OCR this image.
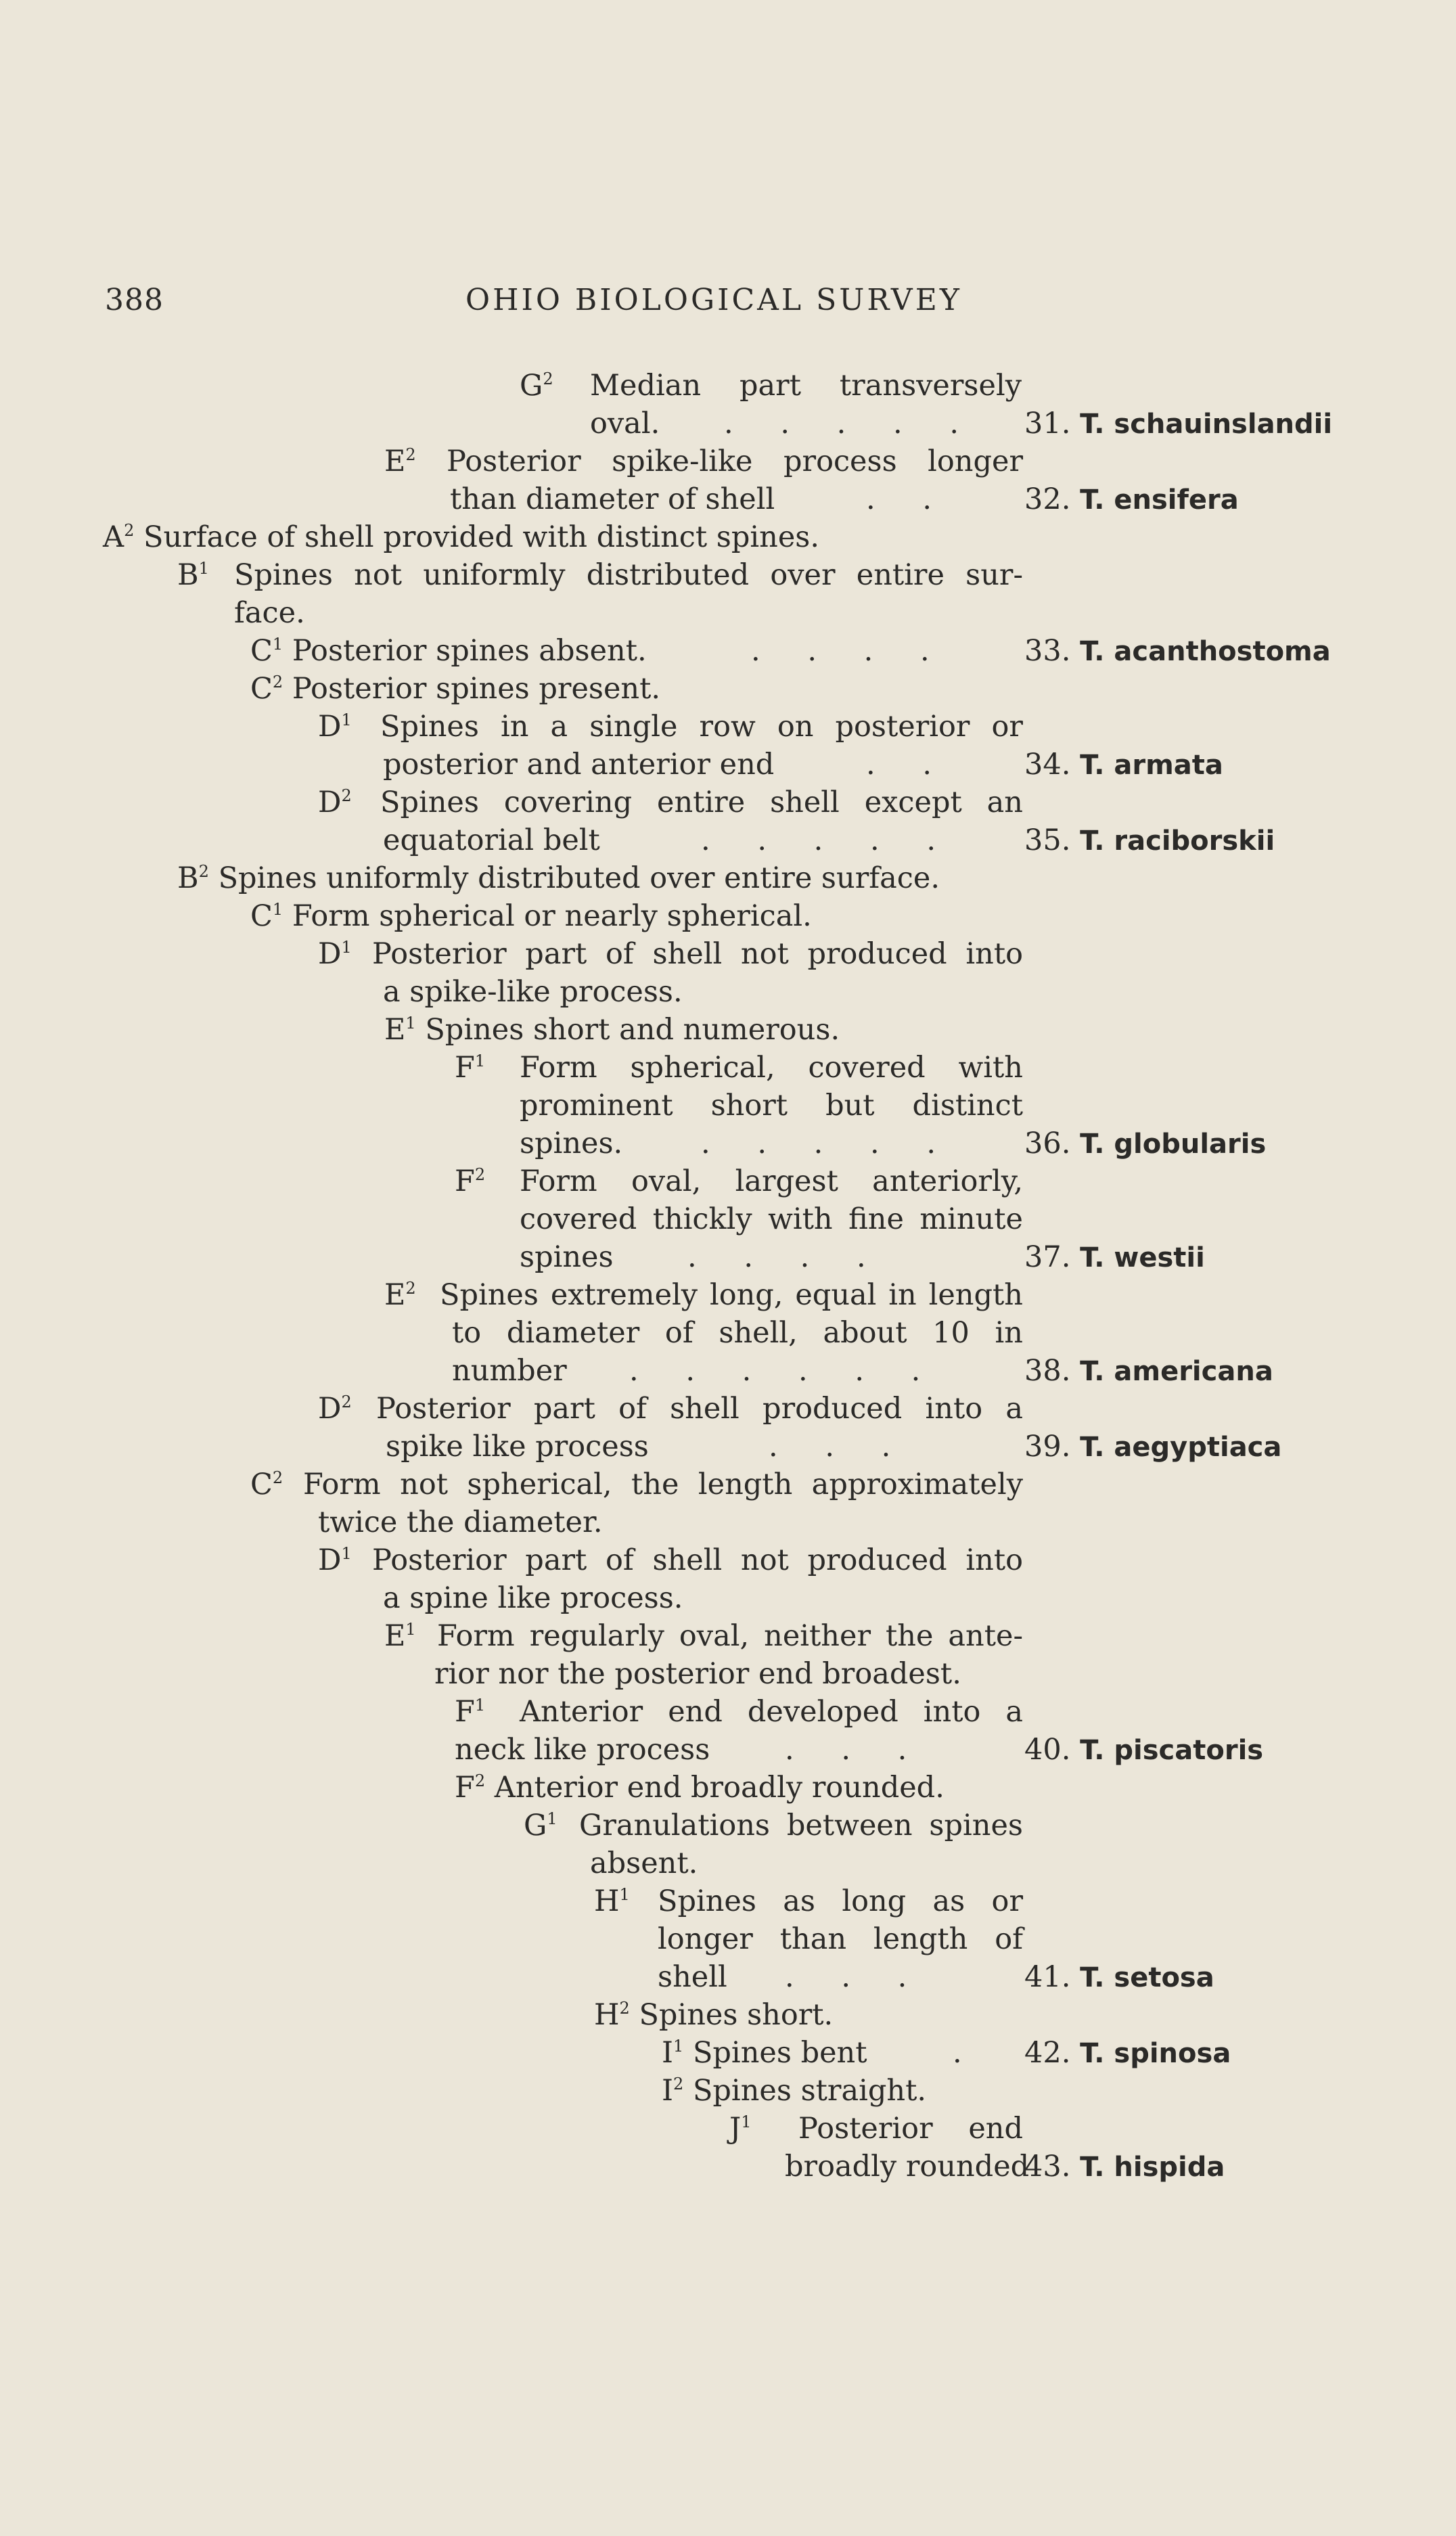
388	OHIO BIOLOGICAL SURVEY
$G^2$ Median part transversely
oval. . . . . . 31. T. schauinslandii
$E^2$ Posterior spike-like process longer
than diameter of shell	. .	32. T. ensifera
$A^2$ Surface of shell provided with distinct spines.
$B^1$ Spines not uniformly distributed over entire sur-
face.
$C^1$ Posterior spines absent.	. . . .	33. T. acanthostoma
$C^2$ Posterior spines present.
$D^1$ Spines in a single row on posterior or
posterior and anterior end	. .	34. T. armata
$D^2$ Spines covering entire shell except an
equatorial belt	. . . . . 35. T. raciborskii
$B^2$ Spines uniformly distributed over entire surface.
$C^1$ Form spherical or nearly spherical.
$D^1$ Posterior part of shell not produced into
a spike-like process.
$E^1$ Spines short and numerous.
$F^1$ Form spherical, covered with
prominent short but distinct
spines.	. . . . . 36. T. globularis
$F^2$ Form oval, largest anteriorly,
covered thickly with fine minute
spines	. . . .	37. T. westii
$E^2$ Spines extremely long, equal in length
to diameter of shell, about 10 in
number . . . . . .	38. T. americana
$D^2$ Posterior part of shell produced into a
spike like process	. . .	39. T. aegyptiaca
$C^2$ Form not spherical, the length approximately
twice the diameter.
$D^1$ Posterior part of shell not produced into
a spine like process.
$E^1$ Form regularly oval, neither the ante-
rior nor the posterior end broadest.
$F^1$ Anterior end developed into a
neck like process	. . .	40. T. piscatoris
$F^2$ Anterior end broadly rounded.
$G^1$ Granulations between spines
absent.
$H^1$ Spines as long as or
longer than length of
shell . . .	41. T. setosa
$H^2$ Spines short.
$I^1$ Spines bent	. 42. T. spinosa
$I^2$ Spines straight.
$J^1$ Posterior end
broadly rounded
43. T. hispida
